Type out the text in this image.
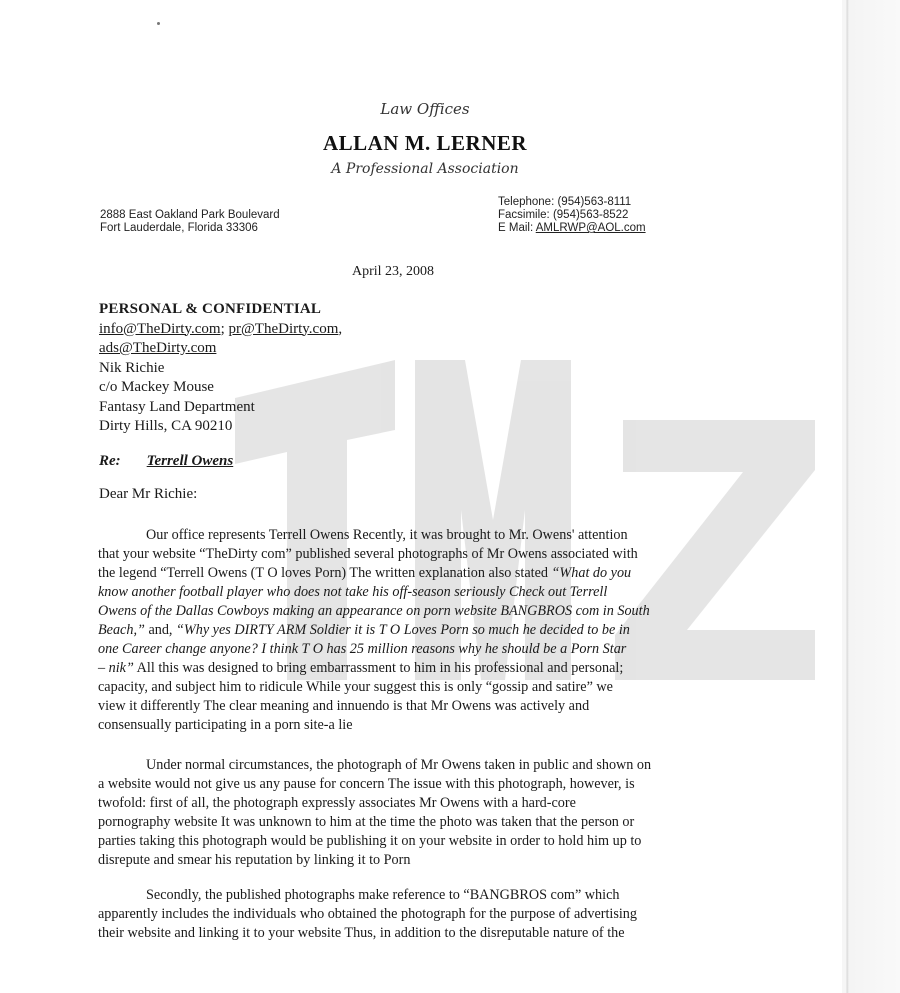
Law Offices
ALLAN M. LERNER
A Professional Association
2888 East Oakland Park Boulevard
Fort Lauderdale, Florida 33306
Telephone: (954)563-8111
Facsimile: (954)563-8522
E Mail: AMLRWP@AOL.com
April 23, 2008
PERSONAL & CONFIDENTIAL
info@TheDirty.com; pr@TheDirty.com,
ads@TheDirty.com
Nik Richie
c/o Mackey Mouse
Fantasy Land Department
Dirty Hills, CA 90210
Re: Terrell Owens
Dear Mr Richie:
Our office represents Terrell Owens Recently, it was brought to Mr. Owens' attention
that your website “TheDirty com” published several photographs of Mr Owens associated with
the legend “Terrell Owens (T O loves Porn) The written explanation also stated “What do you
know another football player who does not take his off-season seriously Check out Terrell
Owens of the Dallas Cowboys making an appearance on porn website BANGBROS com in South
Beach,” and, “Why yes DIRTY ARM Soldier it is T O Loves Porn so much he decided to be in
one Career change anyone? I think T O has 25 million reasons why he should be a Porn Star
– nik” All this was designed to bring embarrassment to him in his professional and personal;
capacity, and subject him to ridicule While your suggest this is only “gossip and satire” we
view it differently The clear meaning and innuendo is that Mr Owens was actively and
consensually participating in a porn site-a lie
Under normal circumstances, the photograph of Mr Owens taken in public and shown on
a website would not give us any pause for concern The issue with this photograph, however, is
twofold: first of all, the photograph expressly associates Mr Owens with a hard-core
pornography website It was unknown to him at the time the photo was taken that the person or
parties taking this photograph would be publishing it on your website in order to hold him up to
disrepute and smear his reputation by linking it to Porn
Secondly, the published photographs make reference to “BANGBROS com” which
apparently includes the individuals who obtained the photograph for the purpose of advertising
their website and linking it to your website Thus, in addition to the disreputable nature of the
